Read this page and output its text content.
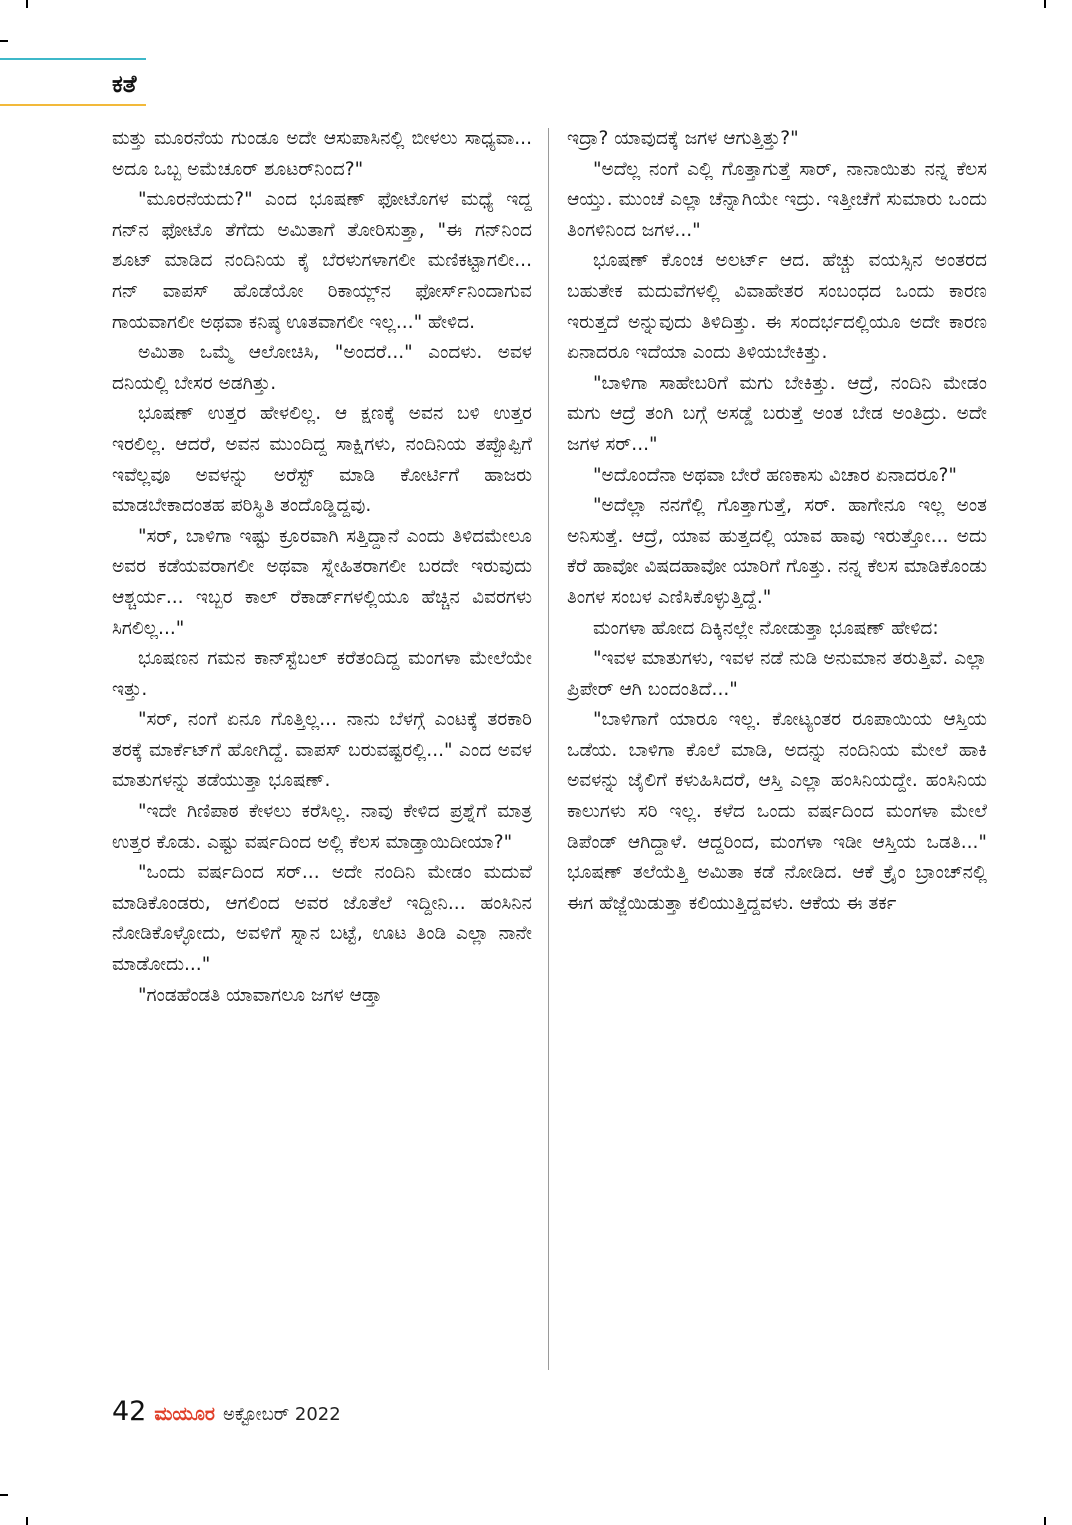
ಕತೆ

ಮತ್ತು ಮೂರನೆಯ ಗುಂಡೂ ಅದೇ ಆಸುಪಾಸಿನಲ್ಲಿ ಬೀಳಲು ಸಾಧ್ಯವಾ... ಅದೂ ಒಬ್ಬ ಅಮೆಚೂರ್ ಶೂಟರ್‌ನಿಂದ?"

"ಮೂರನೆಯದು?" ಎಂದ ಭೂಷಣ್ ಫೋಟೊಗಳ ಮಧ್ಯೆ ಇದ್ದ ಗನ್‌ನ ಫೋಟೊ ತೆಗೆದು ಅಮಿತಾಗೆ ತೋರಿಸುತ್ತಾ, "ಈ ಗನ್‌ನಿಂದ ಶೂಟ್ ಮಾಡಿದ ನಂದಿನಿಯ ಕೈ ಬೆರಳುಗಳಾಗಲೀ ಮಣಿಕಟ್ಟಾಗಲೀ... ಗನ್ ವಾಪಸ್ ಹೊಡೆಯೋ ರಿಕಾಯ್ಲ್‌ನ ಫೋರ್ಸ್‌ನಿಂದಾಗುವ ಗಾಯವಾಗಲೀ ಅಥವಾ ಕನಿಷ್ಠ ಊತವಾಗಲೀ ಇಲ್ಲ..." ಹೇಳಿದ.

ಅಮಿತಾ ಒಮ್ಮೆ ಆಲೋಚಿಸಿ, "ಅಂದರೆ..." ಎಂದಳು. ಅವಳ ದನಿಯಲ್ಲಿ ಬೇಸರ ಅಡಗಿತ್ತು.

ಭೂಷಣ್ ಉತ್ತರ ಹೇಳಲಿಲ್ಲ. ಆ ಕ್ಷಣಕ್ಕೆ ಅವನ ಬಳಿ ಉತ್ತರ ಇರಲಿಲ್ಲ. ಆದರೆ, ಅವನ ಮುಂದಿದ್ದ ಸಾಕ್ಷಿಗಳು, ನಂದಿನಿಯ ತಪ್ಪೊಪ್ಪಿಗೆ ಇವೆಲ್ಲವೂ ಅವಳನ್ನು ಅರೆಸ್ಟ್ ಮಾಡಿ ಕೋರ್ಟಿಗೆ ಹಾಜರು ಮಾಡಬೇಕಾದಂತಹ ಪರಿಸ್ಥಿತಿ ತಂದೊಡ್ಡಿದ್ದವು.

"ಸರ್, ಬಾಳಿಗಾ ಇಷ್ಟು ಕ್ರೂರವಾಗಿ ಸತ್ತಿದ್ದಾನೆ ಎಂದು ತಿಳಿದಮೇಲೂ ಅವರ ಕಡೆಯವರಾಗಲೀ ಅಥವಾ ಸ್ನೇಹಿತರಾಗಲೀ ಬರದೇ ಇರುವುದು ಆಶ್ಚರ್ಯ... ಇಬ್ಬರ ಕಾಲ್ ರೆಕಾರ್ಡ್‌ಗಳಲ್ಲಿಯೂ ಹೆಚ್ಚಿನ ವಿವರಗಳು ಸಿಗಲಿಲ್ಲ..."

ಭೂಷಣನ ಗಮನ ಕಾನ್‌ಸ್ಟೆಬಲ್ ಕರೆತಂದಿದ್ದ ಮಂಗಳಾ ಮೇಲೆಯೇ ಇತ್ತು.

"ಸರ್, ನಂಗೆ ಏನೂ ಗೊತ್ತಿಲ್ಲ... ನಾನು ಬೆಳಗ್ಗೆ ಎಂಟಕ್ಕೆ ತರಕಾರಿ ತರಕ್ಕೆ ಮಾರ್ಕೆಟ್‌ಗೆ ಹೋಗಿದ್ದೆ. ವಾಪಸ್ ಬರುವಷ್ಟರಲ್ಲಿ..." ಎಂದ ಅವಳ ಮಾತುಗಳನ್ನು ತಡೆಯುತ್ತಾ ಭೂಷಣ್.

"ಇದೇ ಗಿಣಿಪಾಠ ಕೇಳಲು ಕರೆಸಿಲ್ಲ. ನಾವು ಕೇಳಿದ ಪ್ರಶ್ನೆಗೆ ಮಾತ್ರ ಉತ್ತರ ಕೊಡು. ಎಷ್ಟು ವರ್ಷದಿಂದ ಅಲ್ಲಿ ಕೆಲಸ ಮಾಡ್ತಾಯಿದೀಯಾ?"

"ಒಂದು ವರ್ಷದಿಂದ ಸರ್... ಅದೇ ನಂದಿನಿ ಮೇಡಂ ಮದುವೆ ಮಾಡಿಕೊಂಡರು, ಆಗಲಿಂದ ಅವರ ಜೊತೆಲೆ ಇದ್ದೀನಿ... ಹಂಸಿನಿನ ನೋಡಿಕೊಳ್ಳೋದು, ಅವಳಿಗೆ ಸ್ನಾನ ಬಟ್ಟೆ, ಊಟ ತಿಂಡಿ ಎಲ್ಲಾ ನಾನೇ ಮಾಡೋದು..."

"ಗಂಡಹೆಂಡತಿ ಯಾವಾಗಲೂ ಜಗಳ ಆಡ್ತಾ

ಇದ್ರಾ? ಯಾವುದಕ್ಕೆ ಜಗಳ ಆಗುತ್ತಿತ್ತು?"

"ಅದೆಲ್ಲ ನಂಗೆ ಎಲ್ಲಿ ಗೊತ್ತಾಗುತ್ತೆ ಸಾರ್, ನಾನಾಯಿತು ನನ್ನ ಕೆಲಸ ಆಯ್ತು. ಮುಂಚೆ ಎಲ್ಲಾ ಚೆನ್ನಾಗಿಯೇ ಇದ್ರು. ಇತ್ತೀಚೆಗೆ ಸುಮಾರು ಒಂದು ತಿಂಗಳಿನಿಂದ ಜಗಳ..."

ಭೂಷಣ್ ಕೊಂಚ ಅಲರ್ಟ್ ಆದ. ಹೆಚ್ಚು ವಯಸ್ಸಿನ ಅಂತರದ ಬಹುತೇಕ ಮದುವೆಗಳಲ್ಲಿ ವಿವಾಹೇತರ ಸಂಬಂಧದ ಒಂದು ಕಾರಣ ಇರುತ್ತದೆ ಅನ್ನುವುದು ತಿಳಿದಿತ್ತು. ಈ ಸಂದರ್ಭದಲ್ಲಿಯೂ ಅದೇ ಕಾರಣ ಏನಾದರೂ ಇದೆಯಾ ಎಂದು ತಿಳಿಯಬೇಕಿತ್ತು.

"ಬಾಳಿಗಾ ಸಾಹೇಬರಿಗೆ ಮಗು ಬೇಕಿತ್ತು. ಆದ್ರೆ, ನಂದಿನಿ ಮೇಡಂ ಮಗು ಆದ್ರೆ ತಂಗಿ ಬಗ್ಗೆ ಅಸಡ್ಡೆ ಬರುತ್ತೆ ಅಂತ ಬೇಡ ಅಂತಿದ್ರು. ಅದೇ ಜಗಳ ಸರ್..."

"ಅದೊಂದೆನಾ ಅಥವಾ ಬೇರೆ ಹಣಕಾಸು ವಿಚಾರ ಏನಾದರೂ?"

"ಅದೆಲ್ಲಾ ನನಗೆಲ್ಲಿ ಗೊತ್ತಾಗುತ್ತೆ, ಸರ್. ಹಾಗೇನೂ ಇಲ್ಲ ಅಂತ ಅನಿಸುತ್ತೆ. ಆದ್ರೆ, ಯಾವ ಹುತ್ತದಲ್ಲಿ ಯಾವ ಹಾವು ಇರುತ್ತೋ... ಅದು ಕೆರೆ ಹಾವೋ ವಿಷದಹಾವೋ ಯಾರಿಗೆ ಗೊತ್ತು. ನನ್ನ ಕೆಲಸ ಮಾಡಿಕೊಂಡು ತಿಂಗಳ ಸಂಬಳ ಎಣಿಸಿಕೊಳ್ಳುತ್ತಿದ್ದೆ."

ಮಂಗಳಾ ಹೋದ ದಿಕ್ಕಿನಲ್ಲೇ ನೋಡುತ್ತಾ ಭೂಷಣ್ ಹೇಳಿದ:

"ಇವಳ ಮಾತುಗಳು, ಇವಳ ನಡೆ ನುಡಿ ಅನುಮಾನ ತರುತ್ತಿವೆ. ಎಲ್ಲಾ ಪ್ರಿಪೇರ್ ಆಗಿ ಬಂದಂತಿದೆ..."

"ಬಾಳಿಗಾಗೆ ಯಾರೂ ಇಲ್ಲ. ಕೋಟ್ಯಂತರ ರೂಪಾಯಿಯ ಆಸ್ತಿಯ ಒಡೆಯ. ಬಾಳಿಗಾ ಕೊಲೆ ಮಾಡಿ, ಅದನ್ನು ನಂದಿನಿಯ ಮೇಲೆ ಹಾಕಿ ಅವಳನ್ನು ಜೈಲಿಗೆ ಕಳುಹಿಸಿದರೆ, ಆಸ್ತಿ ಎಲ್ಲಾ ಹಂಸಿನಿಯದ್ದೇ. ಹಂಸಿನಿಯ ಕಾಲುಗಳು ಸರಿ ಇಲ್ಲ. ಕಳೆದ ಒಂದು ವರ್ಷದಿಂದ ಮಂಗಳಾ ಮೇಲೆ ಡಿಪೆಂಡ್ ಆಗಿದ್ದಾಳೆ. ಆದ್ದರಿಂದ, ಮಂಗಳಾ ಇಡೀ ಆಸ್ತಿಯ ಒಡತಿ..." ಭೂಷಣ್ ತಲೆಯೆತ್ತಿ ಅಮಿತಾ ಕಡೆ ನೋಡಿದ. ಆಕೆ ಕ್ರೈಂ ಬ್ರಾಂಚ್‌ನಲ್ಲಿ ಈಗ ಹೆಜ್ಜೆಯಿಡುತ್ತಾ ಕಲಿಯುತ್ತಿದ್ದವಳು. ಆಕೆಯ ಈ ತರ್ಕ

42 ಮಯೂರ ಅಕ್ಟೋಬರ್ 2022
